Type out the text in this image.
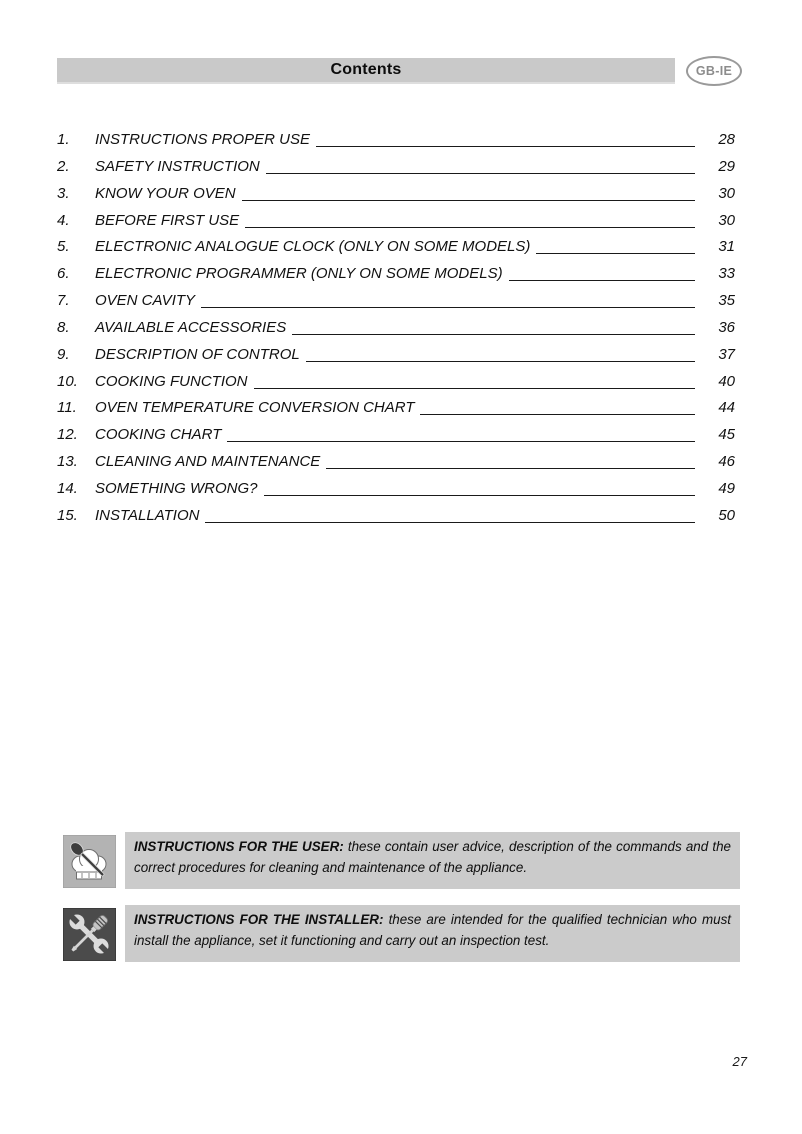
Contents	GB-IE
1.	INSTRUCTIONS PROPER USE	28
2.	SAFETY INSTRUCTION	29
3.	KNOW YOUR OVEN	30
4.	BEFORE FIRST USE	30
5.	ELECTRONIC ANALOGUE CLOCK (ONLY ON SOME MODELS)	31
6.	ELECTRONIC PROGRAMMER (ONLY ON SOME MODELS)	33
7.	OVEN CAVITY	35
8.	AVAILABLE ACCESSORIES	36
9.	DESCRIPTION OF CONTROL	37
10.	COOKING FUNCTION	40
11.	OVEN TEMPERATURE CONVERSION CHART	44
12.	COOKING CHART	45
13.	CLEANING AND MAINTENANCE	46
14.	SOMETHING WRONG?	49
15.	INSTALLATION	50
INSTRUCTIONS FOR THE USER: these contain user advice, description of the commands and the correct procedures for cleaning and maintenance of the appliance.
INSTRUCTIONS FOR THE INSTALLER: these are intended for the qualified technician who must install the appliance, set it functioning and carry out an inspection test.
27
